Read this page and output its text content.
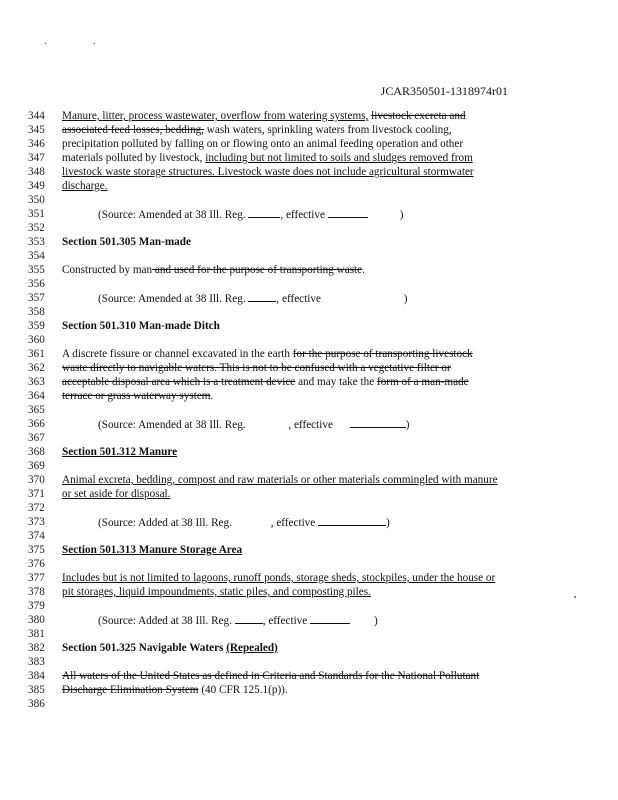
. .
JCAR350501-1318974r01
344	Manure, litter, process wastewater, overflow from watering systems, livestock excreta and
345	associated feed losses, bedding, wash waters, sprinkling waters from livestock cooling,
346	precipitation polluted by falling on or flowing onto an animal feeding operation and other
347	materials polluted by livestock, including but not limited to soils and sludges removed from
348	livestock waste storage structures. Livestock waste does not include agricultural stormwater
349	discharge.
350
351	(Source: Amended at 38 Ill. Reg.	, effective	)
352
353	Section 501.305 Man-made
354
355	Constructed by man and used for the purpose of transporting waste.
356
357	(Source: Amended at 38 Ill. Reg.	, effective	)
358
359	Section 501.310 Man-made Ditch
360
361	A discrete fissure or channel excavated in the earth for the purpose of transporting livestock
362	waste directly to navigable waters. This is not to be confused with a vegetative filter or
363	acceptable disposal area which is a treatment device and may take the form of a man-made
364	terrace or grass waterway system.
365
366	(Source: Amended at 38 Ill. Reg.	, effective	)
367
368	Section 501.312 Manure
369
370	Animal excreta, bedding, compost and raw materials or other materials commingled with manure
371	or set aside for disposal.
372
373	(Source: Added at 38 Ill. Reg.	, effective	)
374
375	Section 501.313 Manure Storage Area
376
377	Includes but is not limited to lagoons, runoff ponds, storage sheds, stockpiles, under the house or
378	pit storages, liquid impoundments, static piles, and composting piles.
379
380	(Source: Added at 38 Ill. Reg.	, effective	)
381
382	Section 501.325 Navigable Waters (Repealed)
383
384	All waters of the United States as defined in Criteria and Standards for the National Pollutant
385	Discharge Elimination System (40 CFR 125.1(p)).
386
